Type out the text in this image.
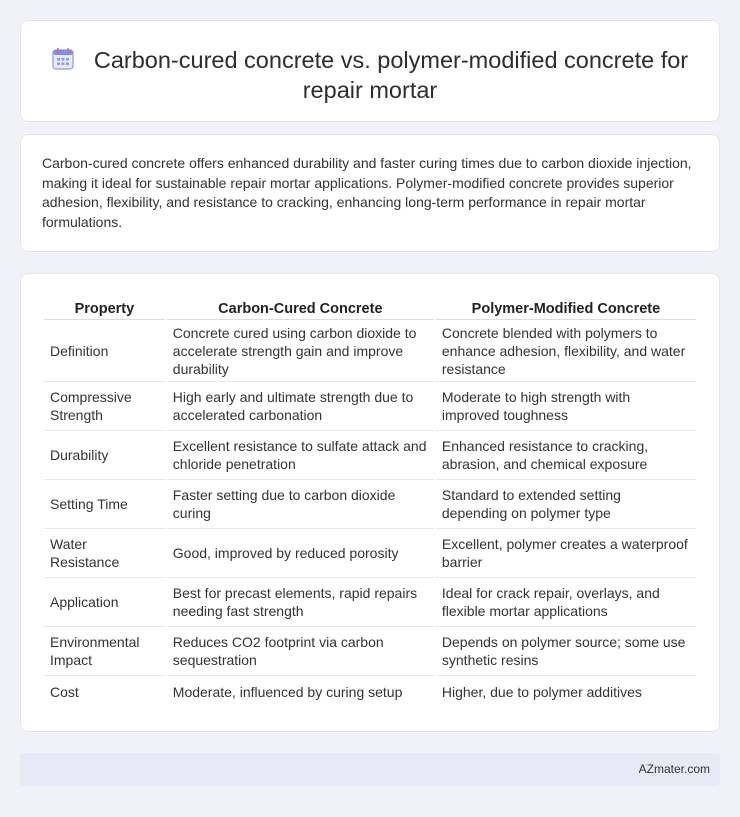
Carbon-cured concrete vs. polymer-modified concrete for repair mortar

Carbon-cured concrete offers enhanced durability and faster curing times due to carbon dioxide injection, making it ideal for sustainable repair mortar applications. Polymer-modified concrete provides superior adhesion, flexibility, and resistance to cracking, enhancing long-term performance in repair mortar formulations.

Property	Carbon-Cured Concrete	Polymer-Modified Concrete
Definition	Concrete cured using carbon dioxide to accelerate strength gain and improve durability	Concrete blended with polymers to enhance adhesion, flexibility, and water resistance
Compressive Strength	High early and ultimate strength due to accelerated carbonation	Moderate to high strength with improved toughness
Durability	Excellent resistance to sulfate attack and chloride penetration	Enhanced resistance to cracking, abrasion, and chemical exposure
Setting Time	Faster setting due to carbon dioxide curing	Standard to extended setting depending on polymer type
Water Resistance	Good, improved by reduced porosity	Excellent, polymer creates a waterproof barrier
Application	Best for precast elements, rapid repairs needing fast strength	Ideal for crack repair, overlays, and flexible mortar applications
Environmental Impact	Reduces CO2 footprint via carbon sequestration	Depends on polymer source; some use synthetic resins
Cost	Moderate, influenced by curing setup	Higher, due to polymer additives
AZmater.com
